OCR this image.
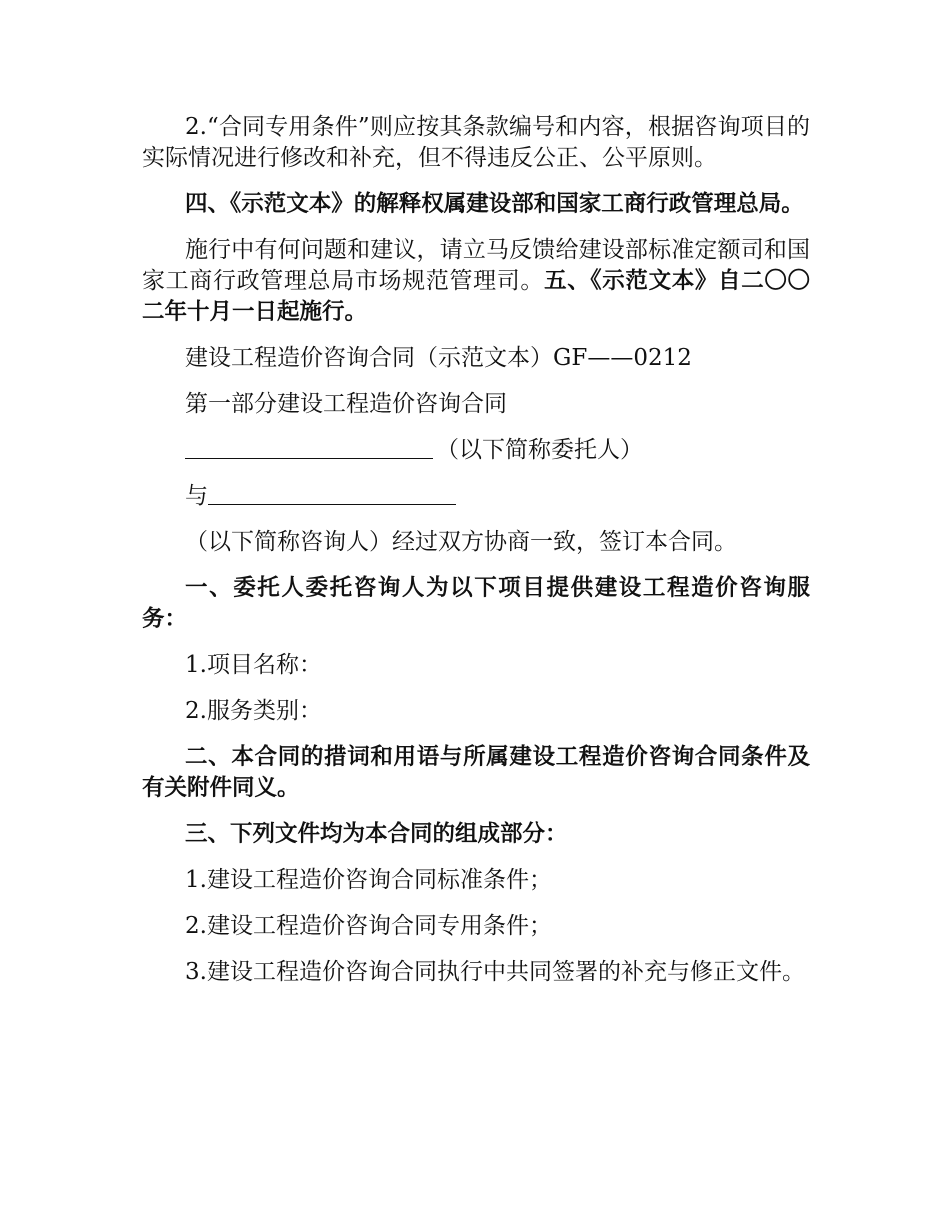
2.“合同专用条件”则应按其条款编号和内容，根据咨询项目的实际情况进行修改和补充，但不得违反公正、公平原则。

四、《示范文本》的解释权属建设部和国家工商行政管理总局。

施行中有何问题和建议，请立马反馈给建设部标准定额司和国家工商行政管理总局市场规范管理司。五、《示范文本》自二〇〇二年十月一日起施行。

建设工程造价咨询合同（示范文本）GF——0212

第一部分建设工程造价咨询合同

（以下简称委托人）

与

（以下简称咨询人）经过双方协商一致，签订本合同。

一、委托人委托咨询人为以下项目提供建设工程造价咨询服务：

1.项目名称：

2.服务类别：

二、本合同的措词和用语与所属建设工程造价咨询合同条件及有关附件同义。

三、下列文件均为本合同的组成部分：

1.建设工程造价咨询合同标准条件；

2.建设工程造价咨询合同专用条件；

3.建设工程造价咨询合同执行中共同签署的补充与修正文件。
